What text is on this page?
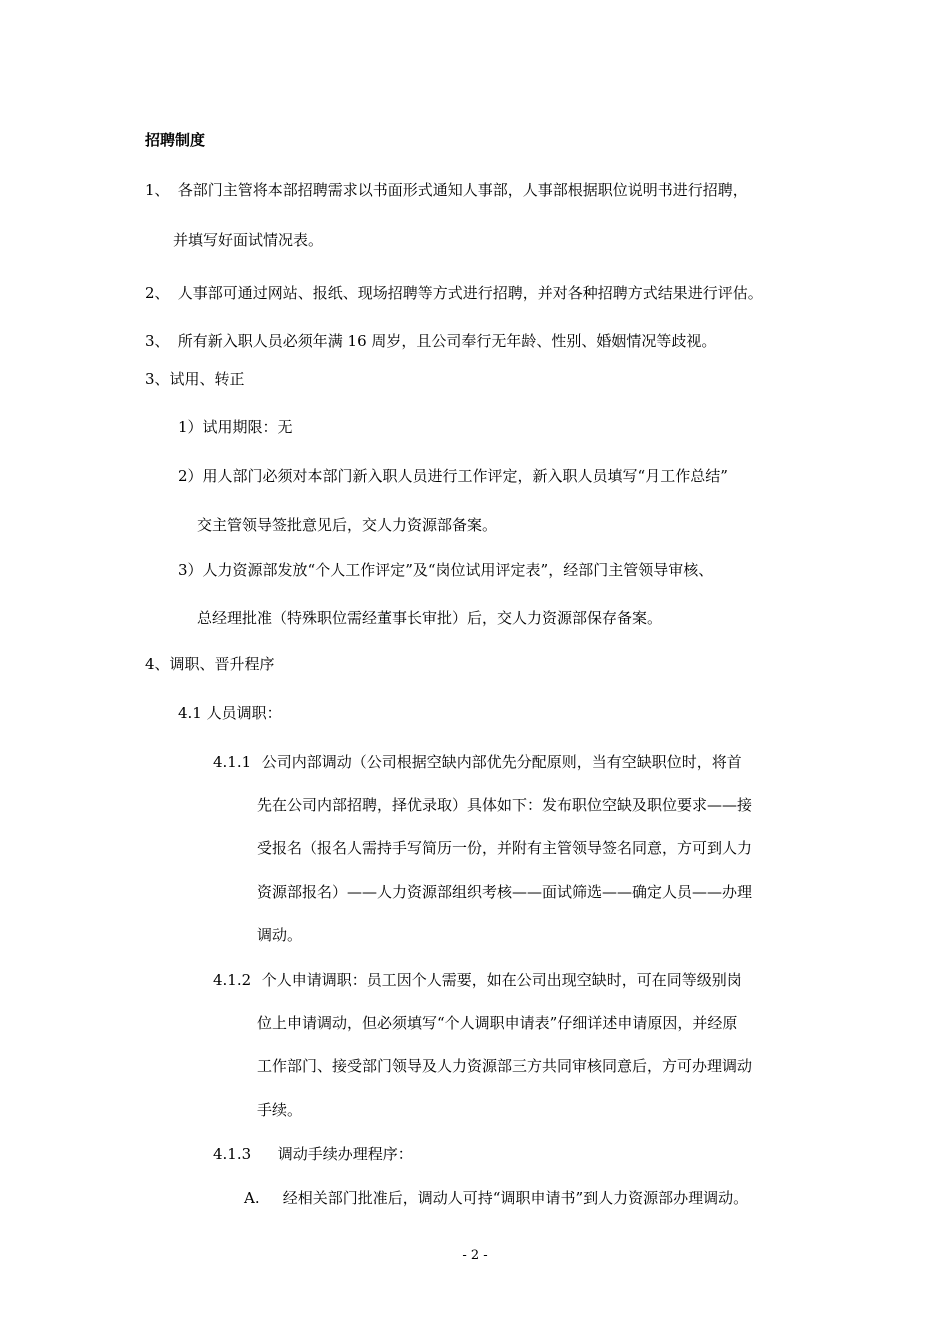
招聘制度
1、 各部门主管将本部招聘需求以书面形式通知人事部，人事部根据职位说明书进行招聘，
并填写好面试情况表。
2、 人事部可通过网站、报纸、现场招聘等方式进行招聘，并对各种招聘方式结果进行评估。
3、 所有新入职人员必须年满 16 周岁，且公司奉行无年龄、性别、婚姻情况等歧视。
3、试用、转正
1）试用期限：无
2）用人部门必须对本部门新入职人员进行工作评定，新入职人员填写“月工作总结”
交主管领导签批意见后，交人力资源部备案。
3）人力资源部发放“个人工作评定”及“岗位试用评定表”，经部门主管领导审核、
总经理批准（特殊职位需经董事长审批）后，交人力资源部保存备案。
4、调职、晋升程序
4.1 人员调职：
4.1.1 公司内部调动（公司根据空缺内部优先分配原则，当有空缺职位时，将首
先在公司内部招聘，择优录取）具体如下：发布职位空缺及职位要求——接
受报名（报名人需持手写简历一份，并附有主管领导签名同意，方可到人力
资源部报名）——人力资源部组织考核——面试筛选——确定人员——办理
调动。
4.1.2 个人申请调职：员工因个人需要，如在公司出现空缺时，可在同等级别岗
位上申请调动，但必须填写“个人调职申请表”仔细详述申请原因，并经原
工作部门、接受部门领导及人力资源部三方共同审核同意后，方可办理调动
手续。
4.1.3 调动手续办理程序：
A. 经相关部门批准后，调动人可持“调职申请书”到人力资源部办理调动。
- 2 -
